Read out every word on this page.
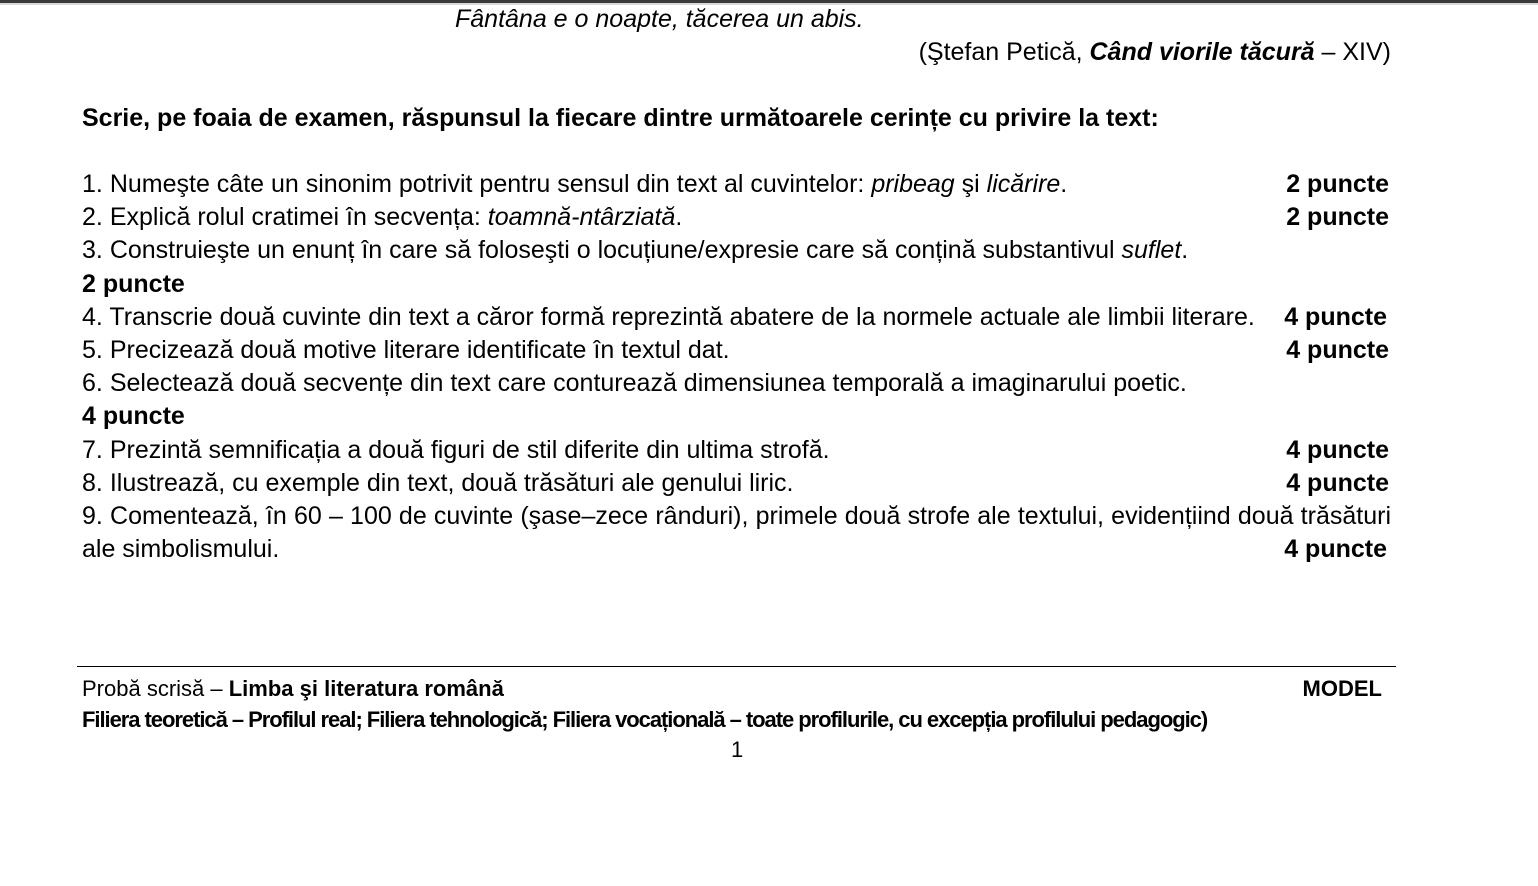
Fântâna e o noapte, tăcerea un abis.
(Ştefan Petică, Când viorile tăcură – XIV)
Scrie, pe foaia de examen, răspunsul la fiecare dintre următoarele cerințe cu privire la text:

2 puncte
1. Numeşte câte un sinonim potrivit pentru sensul din text al cuvintelor: pribeag şi licărire.

2 puncte
2. Explică rolul cratimei în secvența: toamnă-ntârziată.

3. Construieşte un enunț în care să foloseşti o locuțiune/expresie care să conțină substantivul suflet.
2 puncte

4. Transcrie două cuvinte din text a căror formă reprezintă abatere de la normele actuale ale limbii literare. 4 puncte

4 puncte
5. Precizează două motive literare identificate în textul dat.

6. Selectează două secvențe din text care conturează dimensiunea temporală a imaginarului poetic.
4 puncte

4 puncte
7. Prezintă semnificația a două figuri de stil diferite din ultima strofă.

4 puncte
8. Ilustrează, cu exemple din text, două trăsături ale genului liric.

9. Comentează, în 60 – 100 de cuvinte (şase–zece rânduri), primele două strofe ale textului, evidențiind două trăsături ale simbolismului.	4 puncte

Probă scrisă – Limba şi literatura română	MODEL
Filiera teoretică – Profilul real; Filiera tehnologică; Filiera vocațională – toate profilurile, cu excepția profilului pedagogic)
1
